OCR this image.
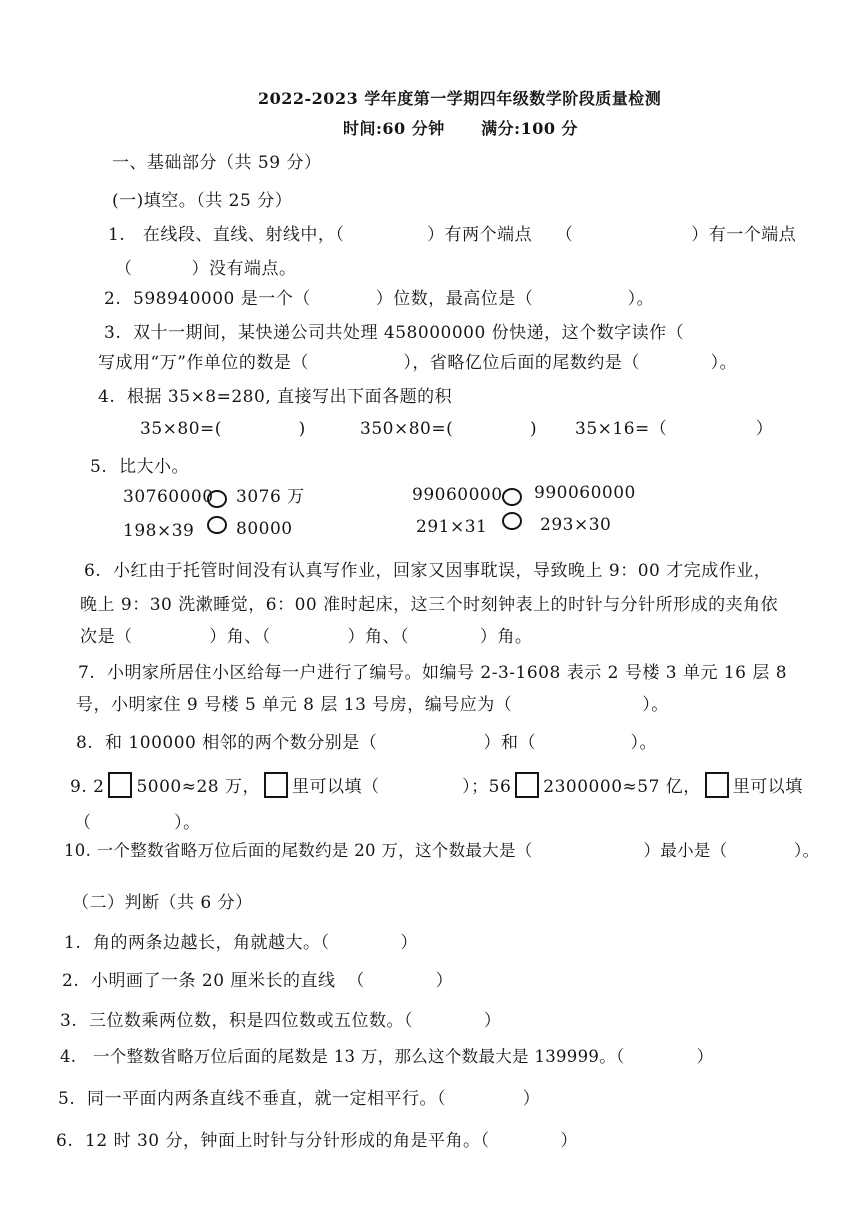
2022-2023 学年度第一学期四年级数学阶段质量检测
时间:60 分钟      满分:100 分
一、基础部分（共 59 分）
(一)填空。（共 25 分）
1.   在线段、直线、射线中，（              ）有两个端点    （                    ）有一个端点
（          ）没有端点。
2.  598940000 是一个（           ）位数，最高位是（                ）。
3.  双十一期间，某快递公司共处理 458000000 份快递，这个数字读作（
写成用“万”作单位的数是（                ），省略亿位后面的尾数约是（            ）。
4.  根据 35×8=280, 直接写出下面各题的积
35×80=(             )	350×80=(             ) 35×16=（               ）
5.  比大小。
30760000 3076 万	99060000 990060000
198×39 80000	291×31	293×30
6.  小红由于托管时间没有认真写作业，回家又因事耽误，导致晚上 9：00 才完成作业，
晚上 9：30 洗漱睡觉，6：00 准时起床，这三个时刻钟表上的时针与分针所形成的夹角依
次是（             ）角、（             ）角、（            ）角。
7.  小明家所居住小区给每一户进行了编号。如编号 2-3-1608 表示 2 号楼 3 单元 16 层 8
号，小明家住 9 号楼 5 单元 8 层 13 号房，编号应为（                      ）。
8.  和 100000 相邻的两个数分别是（                  ）和（                ）。
9. 2 5000≈28 万， 里可以填（              ）；56 2300000≈57 亿， 里可以填
（              ）。
10. 一个整数省略万位后面的尾数约是 20 万，这个数最大是（                    ）最小是（            ）。
（二）判断（共 6 分）
1.  角的两条边越长，角就越大。（            ）
2.  小明画了一条 20 厘米长的直线  （            ）
3.  三位数乘两位数，积是四位数或五位数。（            ）
4.   一个整数省略万位后面的尾数是 13 万，那么这个数最大是 139999。（             ）
5.  同一平面内两条直线不垂直，就一定相平行。（             ）
6.  12 时 30 分，钟面上时针与分针形成的角是平角。（            ）
